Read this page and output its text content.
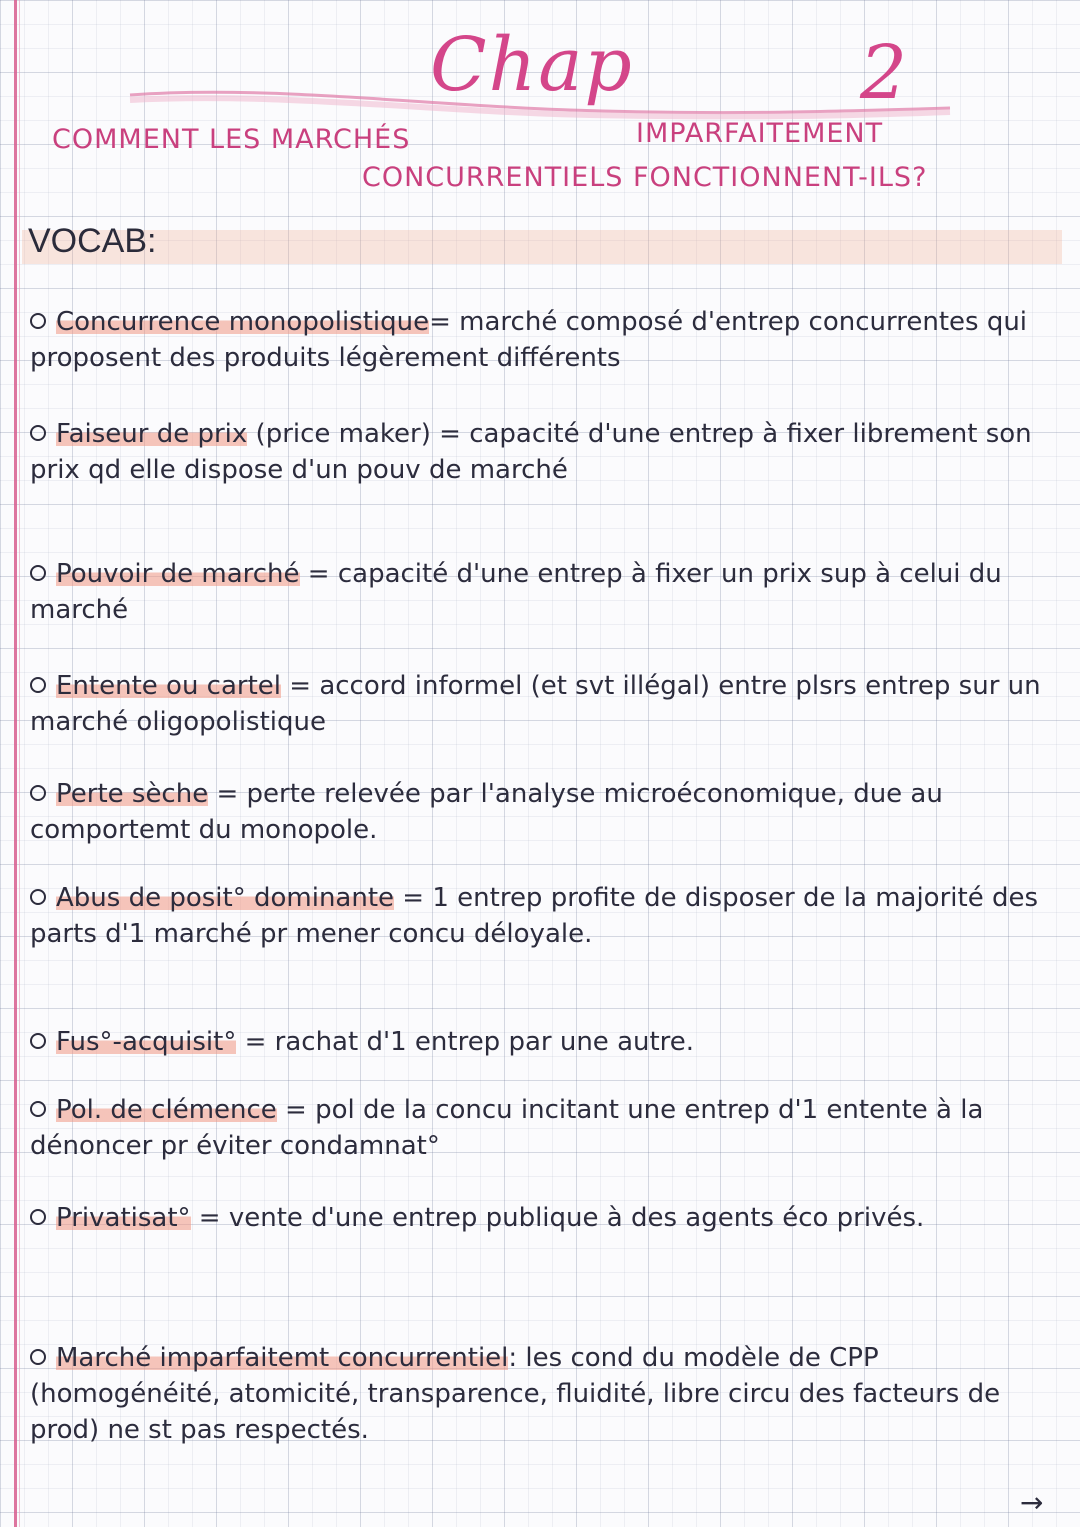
Chap	2
COMMENT LES MARCHÉS	IMPARFAITEMENT
CONCURRENTIELS FONCTIONNENT-ILS?
VOCAB:
Concurrence monopolistique= marché composé d'entrep concurrentes qui proposent des produits légèrement différents
Faiseur de prix (price maker) = capacité d'une entrep à fixer librement son prix qd elle dispose d'un pouv de marché
Pouvoir de marché = capacité d'une entrep à fixer un prix sup à celui du marché
Entente ou cartel = accord informel (et svt illégal) entre plsrs entrep sur un marché oligopolistique
Perte sèche = perte relevée par l'analyse microéconomique, due au comportemt du monopole.
Abus de posit° dominante = 1 entrep profite de disposer de la majorité des parts d'1 marché pr mener concu déloyale.
Fus°-acquisit° = rachat d'1 entrep par une autre.
Pol. de clémence = pol de la concu incitant une entrep d'1 entente à la dénoncer pr éviter condamnat°
Privatisat° = vente d'une entrep publique à des agents éco privés.
Marché imparfaitemt concurrentiel: les cond du modèle de CPP (homogénéité, atomicité, transparence, fluidité, libre circu des facteurs de prod) ne st pas respectés.
→
